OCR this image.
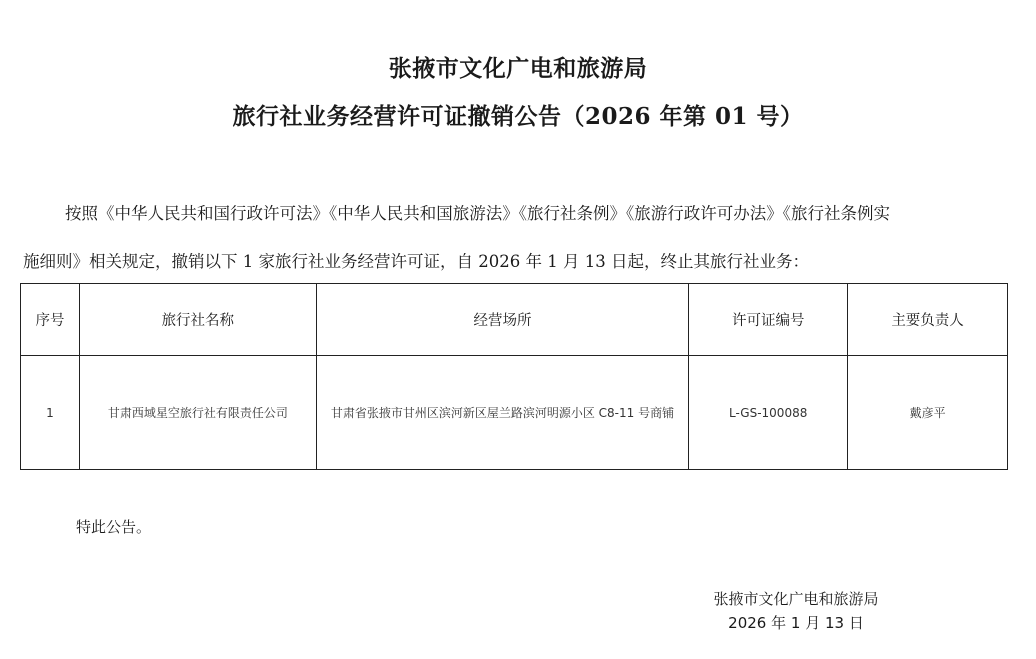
张掖市文化广电和旅游局
旅行社业务经营许可证撤销公告（2026 年第 01 号）
按照《中华人民共和国行政许可法》《中华人民共和国旅游法》《旅行社条例》《旅游行政许可办法》《旅行社条例实
施细则》相关规定，撤销以下 1 家旅行社业务经营许可证，自 2026 年 1 月 13 日起，终止其旅行社业务：
序号	旅行社名称	经营场所	许可证编号	主要负责人
1	甘肃西域星空旅行社有限责任公司	甘肃省张掖市甘州区滨河新区屋兰路滨河明源小区 C8-11 号商铺	L-GS-100088	戴彦平
特此公告。
张掖市文化广电和旅游局
2026 年 1 月 13 日
